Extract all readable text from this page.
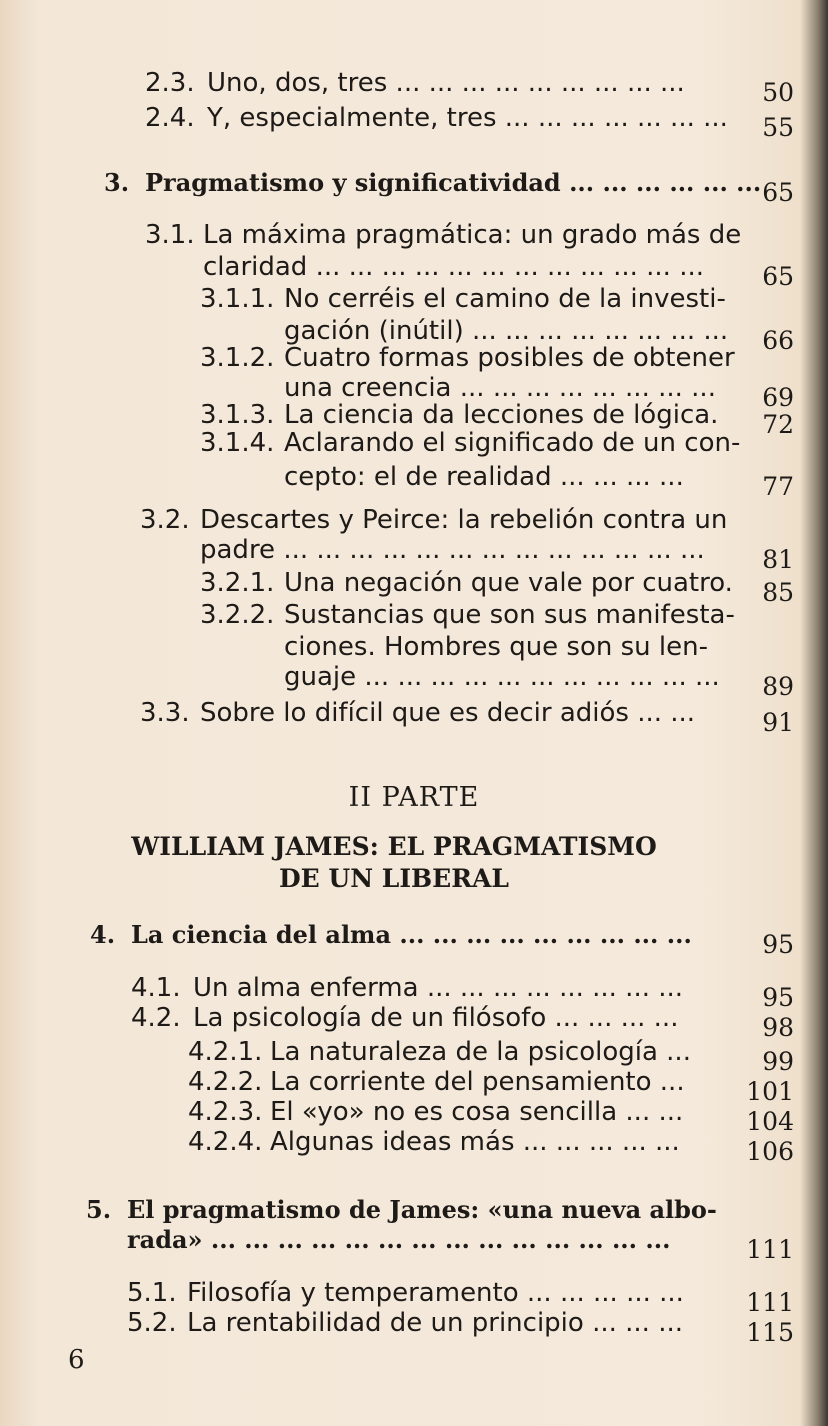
2.3. Uno, dos, tres ... ... ... ... ... ... ... ... ...	50
2.4. Y, especialmente, tres ... ... ... ... ... ... ... 55
3. Pragmatismo y significatividad ... ... ... ... ... ... 65
3.1. La máxima pragmática: un grado más de
claridad ... ... ... ... ... ... ... ... ... ... ... ... 65
3.1.1. No cerréis el camino de la investi-
gación (inútil) ... ... ... ... ... ... ... ... 66
3.1.2. Cuatro formas posibles de obtener
una creencia ... ... ... ... ... ... ... ... 69
3.1.3. La ciencia da lecciones de lógica. 72
3.1.4. Aclarando el significado de un con-
cepto: el de realidad ... ... ... ...	77
3.2. Descartes y Peirce: la rebelión contra un
padre ... ... ... ... ... ... ... ... ... ... ... ... ... 81
3.2.1. Una negación que vale por cuatro. 85
3.2.2. Sustancias que son sus manifesta-
ciones. Hombres que son su len-
guaje ... ... ... ... ... ... ... ... ... ... ... 89
3.3. Sobre lo difícil que es decir adiós ... ...	91
4. La ciencia del alma ... ... ... ... ... ... ... ... ...	95
4.1. Un alma enferma ... ... ... ... ... ... ... ...	95
4.2. La psicología de un filósofo ... ... ... ...	98
4.2.1. La naturaleza de la psicología ...	99
4.2.2. La corriente del pensamiento ... 101
4.2.3. El «yo» no es cosa sencilla ... ...	104
4.2.4. Algunas ideas más ... ... ... ... ...	106
5. El pragmatismo de James: «una nueva albo-
rada» ... ... ... ... ... ... ... ... ... ... ... ... ... ...	111
5.1. Filosofía y temperamento ... ... ... ... ... 111
5.2. La rentabilidad de un principio ... ... ...	115
II PARTE
WILLIAM JAMES: EL PRAGMATISMO
DE UN LIBERAL
6
